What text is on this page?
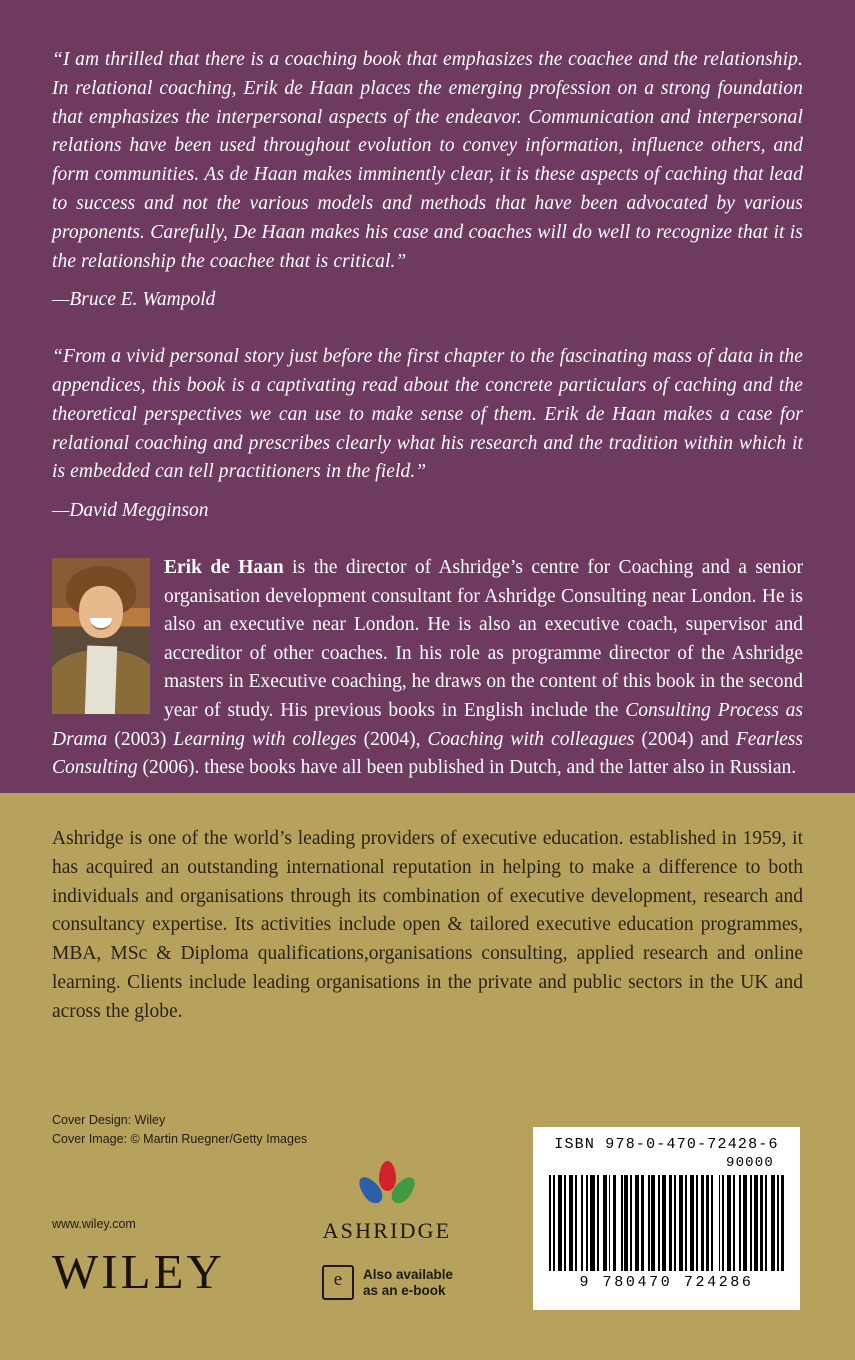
“I am thrilled that there is a coaching book that emphasizes the coachee and the relationship. In relational coaching, Erik de Haan places the emerging profession on a strong foundation that emphasizes the interpersonal aspects of the endeavor. Communication and interpersonal relations have been used throughout evolution to convey information, influence others, and form communities. As de Haan makes imminently clear, it is these aspects of caching that lead to success and not the various models and methods that have been advocated by various proponents. Carefully, De Haan makes his case and coaches will do well to recognize that it is the relationship the coachee that is critical.”

—Bruce E. Wampold

“From a vivid personal story just before the first chapter to the fascinating mass of data in the appendices, this book is a captivating read about the concrete particulars of caching and the theoretical perspectives we can use to make sense of them. Erik de Haan makes a case for relational coaching and prescribes clearly what his research and the tradition within which it is embedded can tell practitioners in the field.”

—David Megginson

Erik de Haan is the director of Ashridge’s centre for Coaching and a senior organisation development consultant for Ashridge Consulting near London. He is also an executive near London. He is also an executive coach, supervisor and accreditor of other coaches. In his role as programme director of the Ashridge masters in Executive coaching, he draws on the content of this book in the second year of study. His previous books in English include the Consulting Process as Drama (2003) Learning with colleges (2004), Coaching with colleagues (2004) and Fearless Consulting (2006). these books have all been published in Dutch, and the latter also in Russian.

Ashridge is one of the world’s leading providers of executive education. established in 1959, it has acquired an outstanding international reputation in helping to make a difference to both individuals and organisations through its combination of executive development, research and consultancy expertise. Its activities include open & tailored executive education programmes, MBA, MSc & Diploma qualifications,organisations consulting, applied research and online learning. Clients include leading organisations in the private and public sectors in the UK and across the globe.

Cover Design: Wiley
Cover Image: © Martin Ruegner/Getty Images
www.wiley.com
WILEY
ASHRIDGE
e	Also available
as an e-book
ISBN 978-0-470-72428-6
90000
9 780470 724286
